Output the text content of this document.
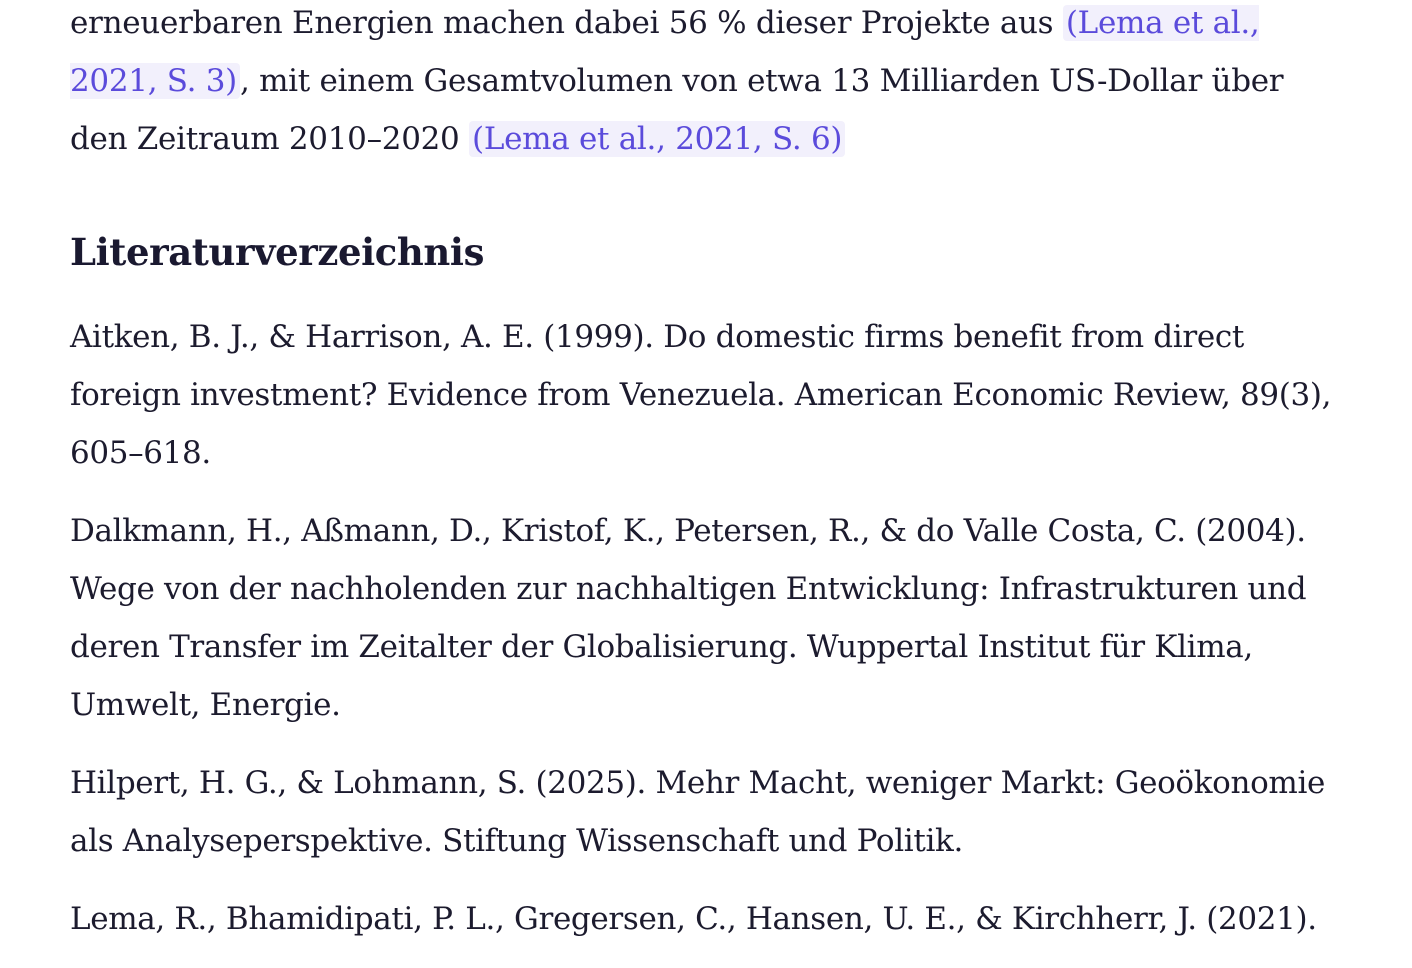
erneuerbaren Energien machen dabei 56 % dieser Projekte aus (Lema et al., 2021, S. 3), mit einem Gesamtvolumen von etwa 13 Milliarden US-Dollar über den Zeitraum 2010–2020 (Lema et al., 2021, S. 6)

Literaturverzeichnis

Aitken, B. J., & Harrison, A. E. (1999). Do domestic firms benefit from direct foreign investment? Evidence from Venezuela. American Economic Review, 89(3), 605–618.

Dalkmann, H., Aßmann, D., Kristof, K., Petersen, R., & do Valle Costa, C. (2004). Wege von der nachholenden zur nachhaltigen Entwicklung: Infrastrukturen und deren Transfer im Zeitalter der Globalisierung. Wuppertal Institut für Klima, Umwelt, Energie.

Hilpert, H. G., & Lohmann, S. (2025). Mehr Macht, weniger Markt: Geoökonomie als Analyseperspektive. Stiftung Wissenschaft und Politik.

Lema, R., Bhamidipati, P. L., Gregersen, C., Hansen, U. E., & Kirchherr, J. (2021).
